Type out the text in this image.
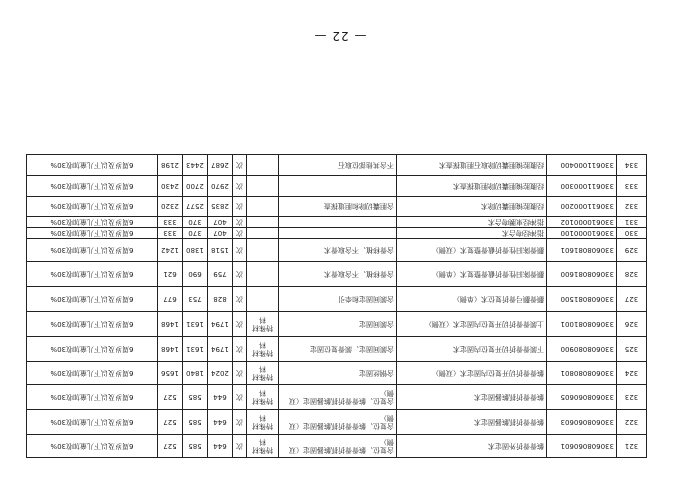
321	330608060601	髌骨骨折外固定术	含复位、髌骨骨折抓髌器固定（双侧）	特殊材料	次	644	585	527	6周岁及以下儿童加收30%
322	330608060603	髌骨骨折抓髌器固定术	含复位、髌骨骨折抓髌器固定（双侧）	特殊材料	次	644	585	527	6周岁及以下儿童加收30%
323	330608060605	髌骨骨折抓髌器固定术	含复位、髌骨骨折抓髌器固定（双侧）	特殊材料	次	644	585	527	6周岁及以下儿童加收30%
324	330608080801	髌骨骨折切开复位内固定术（双侧）	含钢丝固定	特殊材料	次	2024	1840	1656	6周岁及以下儿童加收30%
325	330608080900	下颌骨骨折切开复位内固定术	含颌间固定、颌骨复位固定	特殊材料	次	1794	1631	1468	6周岁及以下儿童加收30%
326	330608081001	上颌骨骨折切开复位内固定术（双侧）	含颌间固定	特殊材料	次	1794	1631	1468	6周岁及以下儿童加收30%
327	330608081500	颧骨颧弓骨折复位术（单侧）	含颌间固定和牵引		次	828	753	677	6周岁及以下儿童加收30%
328	330608081600	颧骨陈旧性骨折截骨整复术（单侧）	含骨移植、不含取骨术		次	759	690	621	6周岁及以下儿童加收30%
329	330608081601	颧骨陈旧性骨折截骨整复术（双侧）	含骨移植、不含取骨术		次	1518	1380	1242	6周岁及以下儿童加收30%
330	330610000100	指神经吻合术			次	407	370	333	6周岁及以下儿童加收30%
331	330610000102	指神经束膜吻合术			次	407	370	333	6周岁及以下儿童加收30%
332	330611000200	经腹腔镜胆囊切除术	含胆囊切除和胆道探查		次	2835	2577	2320	6周岁及以下儿童加收30%
333	330611000300	经腹腔镜胆囊切除胆道探查术			次	2970	2700	2430	6周岁及以下儿童加收30%
334	330611000400	经腹腔镜胆囊切除取石胆道探查术	不含其他部位取石		次	2687	2443	2198	6周岁及以下儿童加收30%
— 22 —
